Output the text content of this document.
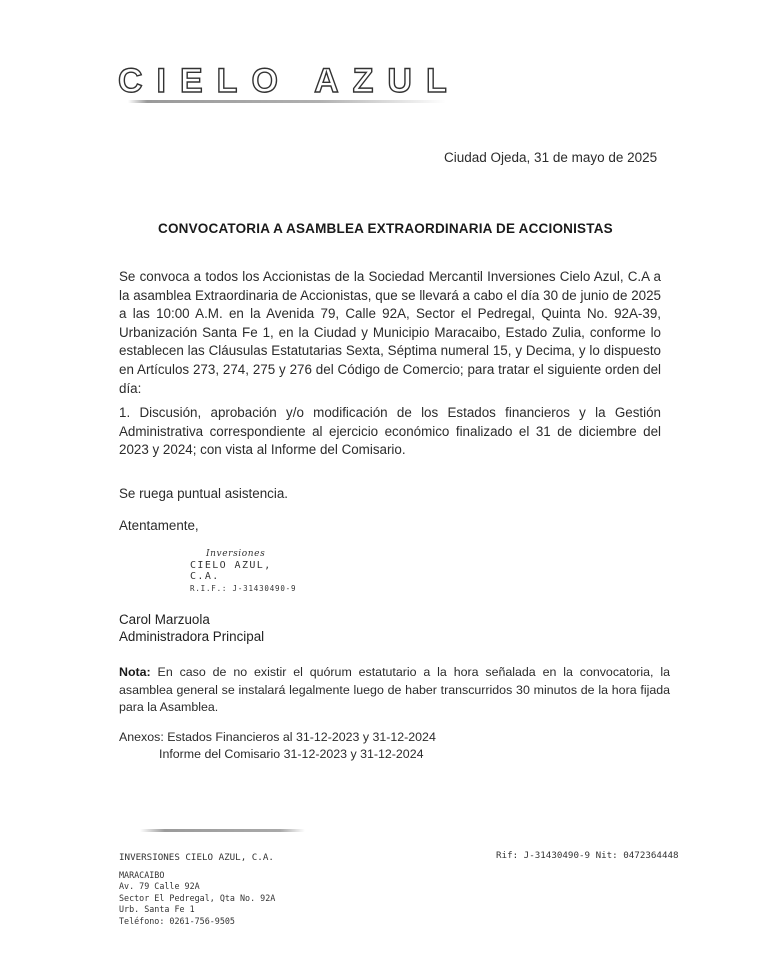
CIELO AZUL
Ciudad Ojeda, 31 de mayo de 2025
CONVOCATORIA A ASAMBLEA EXTRAORDINARIA DE ACCIONISTAS
Se convoca a todos los Accionistas de la Sociedad Mercantil Inversiones Cielo Azul, C.A a la asamblea Extraordinaria de Accionistas, que se llevará a cabo el día 30 de junio de 2025 a las 10:00 A.M. en la Avenida 79, Calle 92A, Sector el Pedregal, Quinta No. 92A-39, Urbanización Santa Fe 1, en la Ciudad y Municipio Maracaibo, Estado Zulia, conforme lo establecen las Cláusulas Estatutarias Sexta, Séptima numeral 15, y Decima, y lo dispuesto en Artículos 273, 274, 275 y 276 del Código de Comercio; para tratar el siguiente orden del día:
1. Discusión, aprobación y/o modificación de los Estados financieros y la Gestión Administrativa correspondiente al ejercicio económico finalizado el 31 de diciembre del 2023 y 2024; con vista al Informe del Comisario.
Se ruega puntual asistencia.
Atentamente,
Inversiones
CIELO AZUL, C.A.
R.I.F.: J-31430490-9
Carol Marzuola
Administradora Principal
Nota: En caso de no existir el quórum estatutario a la hora señalada en la convocatoria, la asamblea general se instalará legalmente luego de haber transcurridos 30 minutos de la hora fijada para la Asamblea.
Anexos: Estados Financieros al 31-12-2023 y 31-12-2024
Informe del Comisario 31-12-2023 y 31-12-2024
INVERSIONES CIELO AZUL, C.A.	Rif: J-31430490-9 Nit: 0472364448
MARACAIBO
Av. 79 Calle 92A
Sector El Pedregal, Qta No. 92A
Urb. Santa Fe 1
Teléfono: 0261-756-9505
